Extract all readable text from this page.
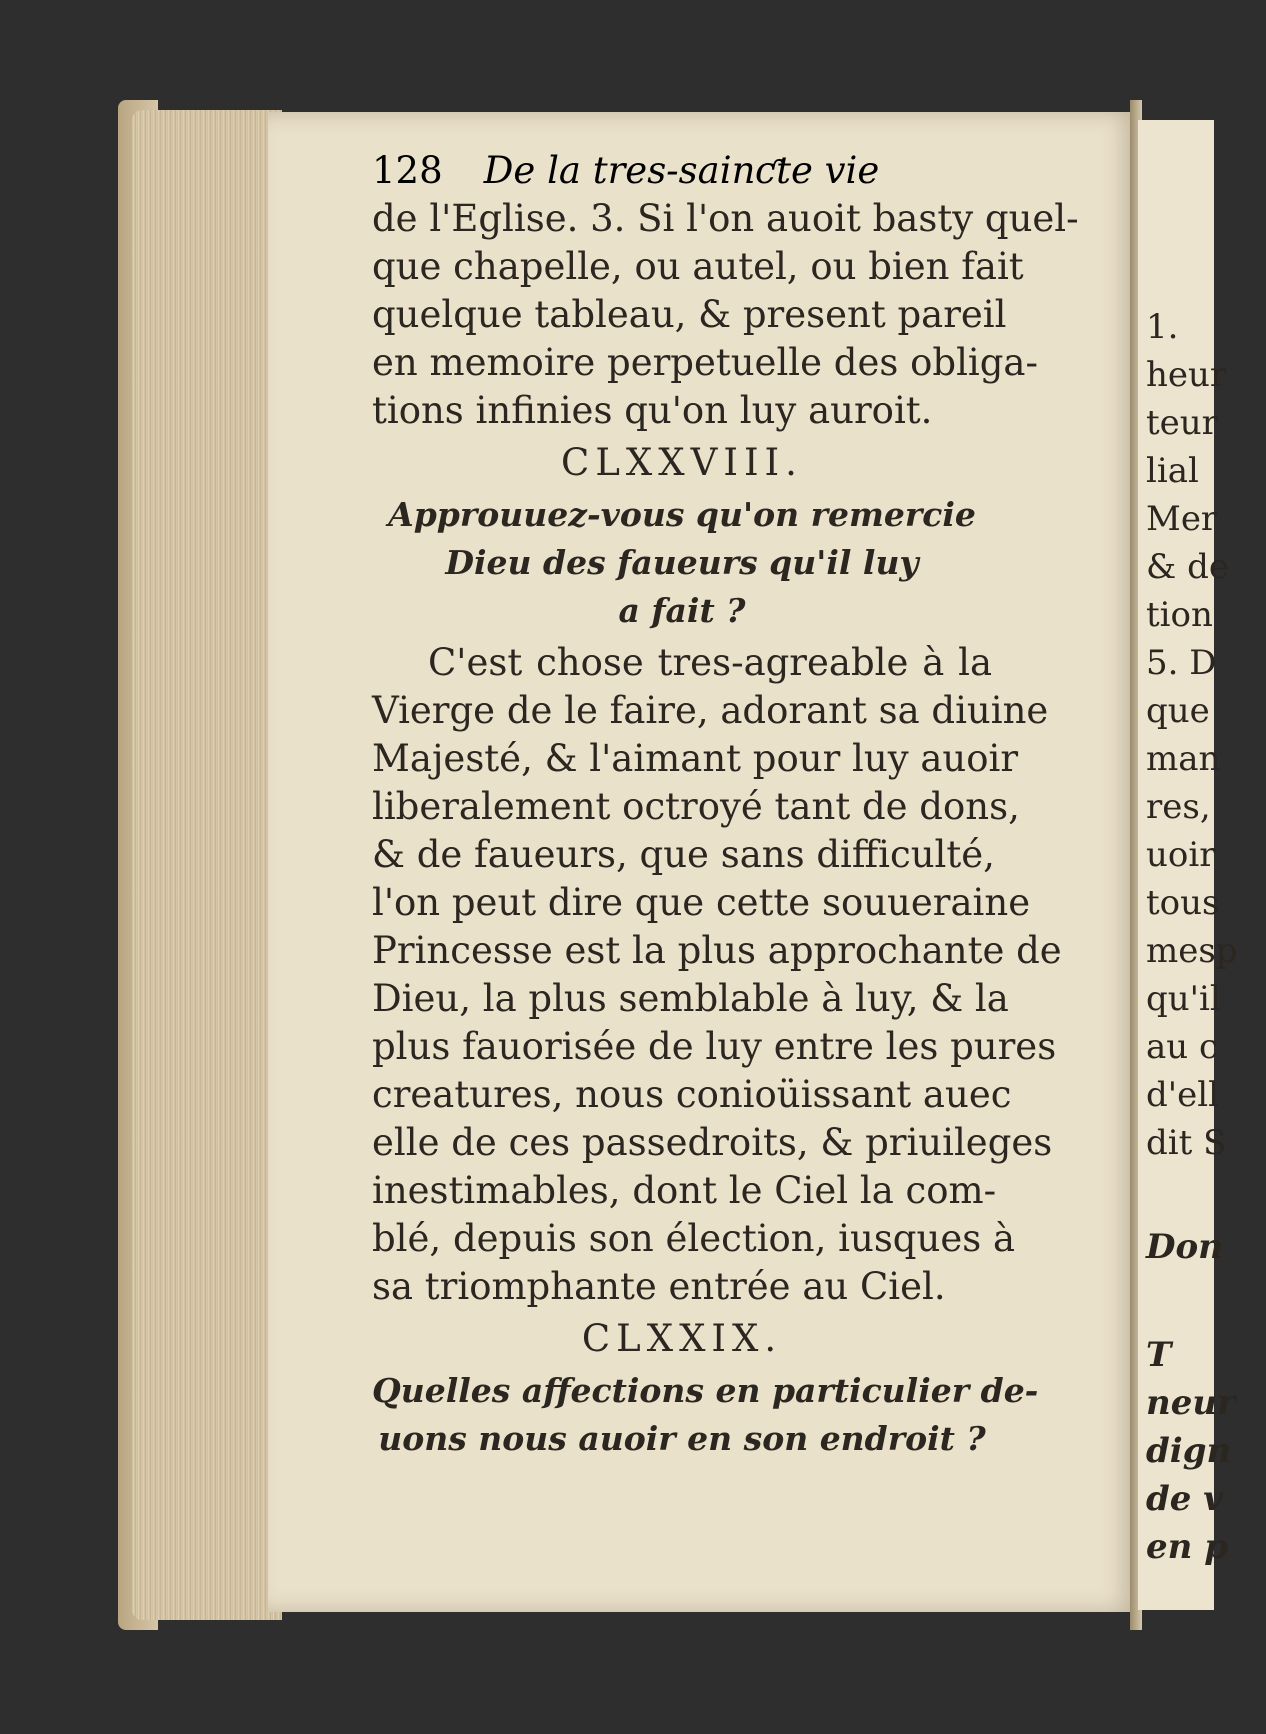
1.
heur
teur
lial
Mer
& de
tion
5. D
que
man
res,
uoir
tous
mesp
qu'il
au c
d'ell
dit S
Don
T
neur
dign
de v
en p
128 De la tres-sainƈte vie
de l'Eglise. 3. Si l'on auoit basty quel-
que chapelle, ou autel, ou bien fait
quelque tableau, & present pareil
en memoire perpetuelle des obliga-
tions infinies qu'on luy auroit.
CLXXVIII.
Approuuez-vous qu'on remercie
Dieu des faueurs qu'il luy
a fait ?
C'est chose tres-agreable à la
Vierge de le faire, adorant sa diuine
Majesté, & l'aimant pour luy auoir
liberalement octroyé tant de dons,
& de faueurs, que sans difficulté,
l'on peut dire que cette souueraine
Princesse est la plus approchante de
Dieu, la plus semblable à luy, & la
plus fauorisée de luy entre les pures
creatures, nous conioüissant auec
elle de ces passedroits, & priuileges
inestimables, dont le Ciel la com-
blé, depuis son élection, iusques à
sa triomphante entrée au Ciel.
CLXXIX.
Quelles affections en particulier de-
uons nous auoir en son endroit ?
